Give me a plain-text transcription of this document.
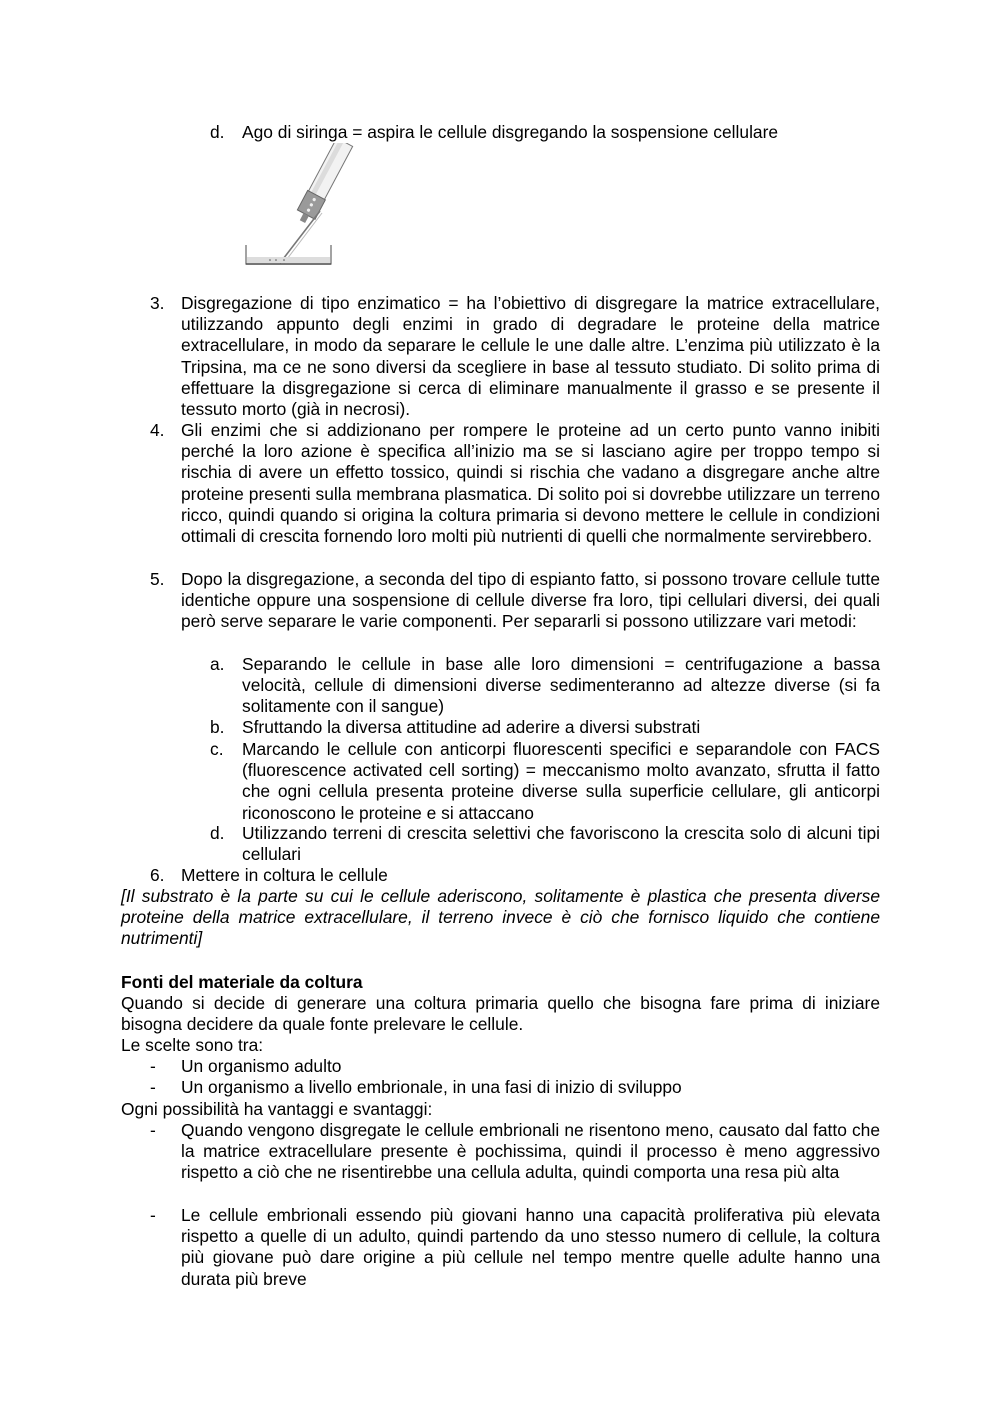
d.	Ago di siringa = aspira le cellule disgregando la sospensione cellulare
3. Disgregazione di tipo enzimatico = ha l’obiettivo di disgregare la matrice extracellulare, utilizzando appunto degli enzimi in grado di degradare le proteine della matrice extracellulare, in modo da separare le cellule le une dalle altre. L’enzima più utilizzato è la Tripsina, ma ce ne sono diversi da scegliere in base al tessuto studiato. Di solito prima di effettuare la disgregazione si cerca di eliminare manualmente il grasso e se presente il tessuto morto (già in necrosi).
4. Gli enzimi che si addizionano per rompere le proteine ad un certo punto vanno inibiti perché la loro azione è specifica all’inizio ma se si lasciano agire per troppo tempo si rischia di avere un effetto tossico, quindi si rischia che vadano a disgregare anche altre proteine presenti sulla membrana plasmatica. Di solito poi si dovrebbe utilizzare un terreno ricco, quindi quando si origina la coltura primaria si devono mettere le cellule in condizioni ottimali di crescita fornendo loro molti più nutrienti di quelli che normalmente servirebbero.
5. Dopo la disgregazione, a seconda del tipo di espianto fatto, si possono trovare cellule tutte identiche oppure una sospensione di cellule diverse fra loro, tipi cellulari diversi, dei quali però serve separare le varie componenti. Per separarli si possono utilizzare vari metodi:
a.	Separando le cellule in base alle loro dimensioni = centrifugazione a bassa velocità, cellule di dimensioni diverse sedimenteranno ad altezze diverse (si fa solitamente con il sangue)
b.	Sfruttando la diversa attitudine ad aderire a diversi substrati
c.	Marcando le cellule con anticorpi fluorescenti specifici e separandole con FACS (fluorescence activated cell sorting) = meccanismo molto avanzato, sfrutta il fatto che ogni cellula presenta proteine diverse sulla superficie cellulare, gli anticorpi riconoscono le proteine e si attaccano
d.	Utilizzando terreni di crescita selettivi che favoriscono la crescita solo di alcuni tipi cellulari
6. Mettere in coltura le cellule
[Il substrato è la parte su cui le cellule aderiscono, solitamente è plastica che presenta diverse proteine della matrice extracellulare, il terreno invece è ciò che fornisco liquido che contiene nutrimenti]
Fonti del materiale da coltura
Quando si decide di generare una coltura primaria quello che bisogna fare prima di iniziare bisogna decidere da quale fonte prelevare le cellule.
Le scelte sono tra:
-	Un organismo adulto
-	Un organismo a livello embrionale, in una fasi di inizio di sviluppo
Ogni possibilità ha vantaggi e svantaggi:
-	Quando vengono disgregate le cellule embrionali ne risentono meno, causato dal fatto che la matrice extracellulare presente è pochissima, quindi il processo è meno aggressivo rispetto a ciò che ne risentirebbe una cellula adulta, quindi comporta una resa più alta
-	Le cellule embrionali essendo più giovani hanno una capacità proliferativa più elevata rispetto a quelle di un adulto, quindi partendo da uno stesso numero di cellule, la coltura più giovane può dare origine a più cellule nel tempo mentre quelle adulte hanno una durata più breve
